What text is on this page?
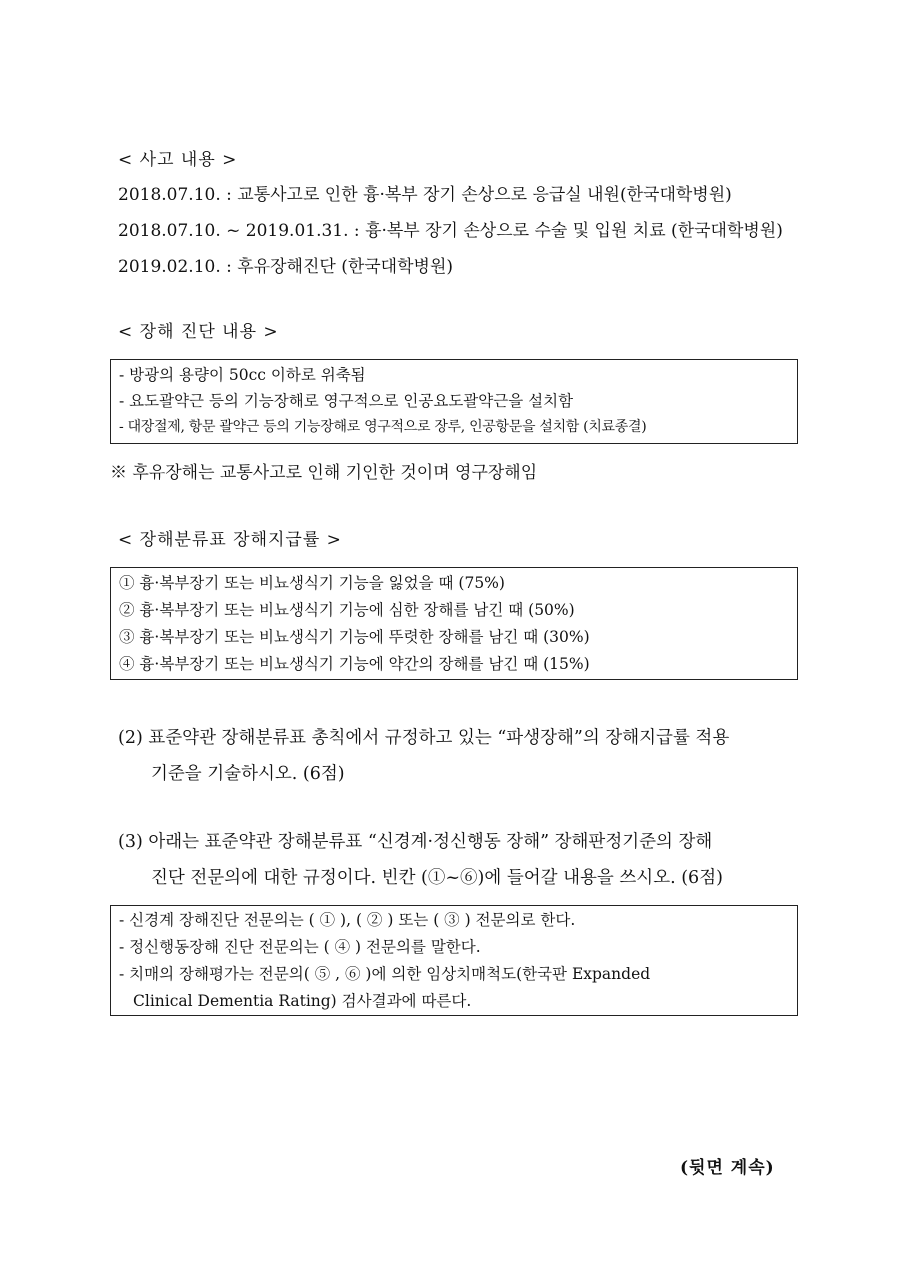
< 사고 내용 >
2018.07.10. : 교통사고로 인한 흉·복부 장기 손상으로 응급실 내원(한국대학병원)
2018.07.10. ~ 2019.01.31. : 흉·복부 장기 손상으로 수술 및 입원 치료 (한국대학병원)
2019.02.10. : 후유장해진단 (한국대학병원)
< 장해 진단 내용 >
- 방광의 용량이 50cc 이하로 위축됨
- 요도괄약근 등의 기능장해로 영구적으로 인공요도괄약근을 설치함
- 대장절제, 항문 괄약근 등의 기능장해로 영구적으로 장루, 인공항문을 설치함 (치료종결)
※ 후유장해는 교통사고로 인해 기인한 것이며 영구장해임
< 장해분류표 장해지급률 >
① 흉·복부장기 또는 비뇨생식기 기능을 잃었을 때 (75%)
② 흉·복부장기 또는 비뇨생식기 기능에 심한 장해를 남긴 때 (50%)
③ 흉·복부장기 또는 비뇨생식기 기능에 뚜렷한 장해를 남긴 때 (30%)
④ 흉·복부장기 또는 비뇨생식기 기능에 약간의 장해를 남긴 때 (15%)
(2) 표준약관 장해분류표 총칙에서 규정하고 있는 “파생장해”의 장해지급률 적용
기준을 기술하시오. (6점)
(3) 아래는 표준약관 장해분류표 “신경계·정신행동 장해” 장해판정기준의 장해
진단 전문의에 대한 규정이다. 빈칸 (①~⑥)에 들어갈 내용을 쓰시오. (6점)
- 신경계 장해진단 전문의는 ( ① ), ( ② ) 또는 ( ③ ) 전문의로 한다.
- 정신행동장해 진단 전문의는 ( ④ ) 전문의를 말한다.
- 치매의 장해평가는 전문의( ⑤ , ⑥ )에 의한 임상치매척도(한국판 Expanded
Clinical Dementia Rating) 검사결과에 따른다.
(뒷면 계속)
